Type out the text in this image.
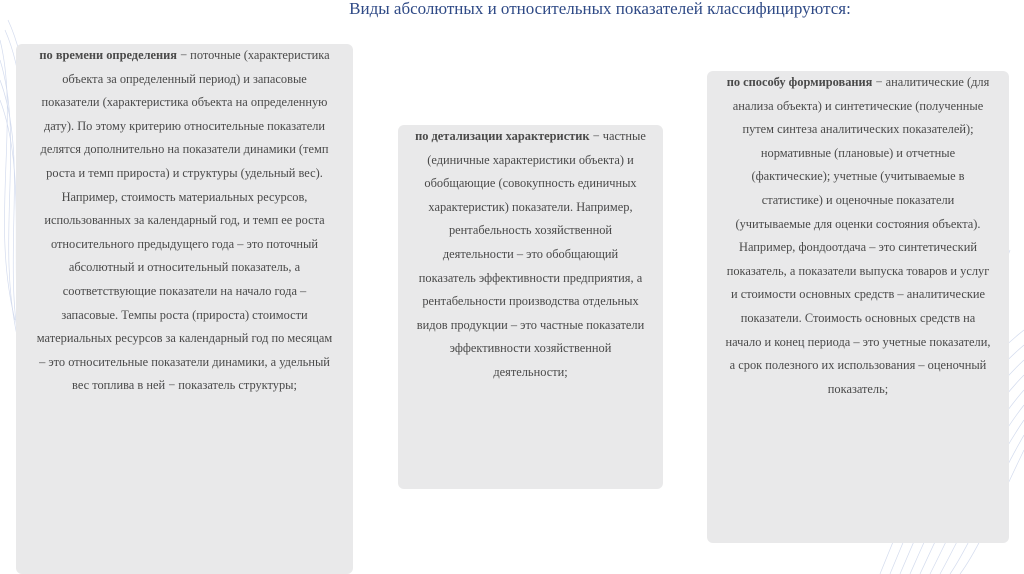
Виды абсолютных и относительных показателей классифицируются:

по времени определения − поточные (характеристика объекта за определенный период) и запасовые показатели (характеристика объекта на определенную дату). По этому критерию относительные показатели делятся дополнительно на показатели динамики (темп роста и темп прироста) и структуры (удельный вес). Например, стоимость материальных ресурсов, использованных за календарный год, и темп ее роста относительного предыдущего года – это поточный абсолютный и относительный показатель, а соответствующие показатели на начало года – запасовые. Темпы роста (прироста) стоимости материальных ресурсов за календарный год по месяцам – это относительные показатели динамики, а удельный вес топлива в ней − показатель структуры;

по детализации характеристик − частные (единичные характеристики объекта) и обобщающие (совокупность единичных характеристик) показатели. Например, рентабельность хозяйственной деятельности – это обобщающий показатель эффективности предприятия, а рентабельности производства отдельных видов продукции – это частные показатели эффективности хозяйственной деятельности;

по способу формирования − аналитические (для анализа объекта) и синтетические (полученные путем синтеза аналитических показателей); нормативные (плановые) и отчетные (фактические); учетные (учитываемые в статистике) и оценочные показатели (учитываемые для оценки состояния объекта). Например, фондоотдача – это синтетический показатель, а показатели выпуска товаров и услуг и стоимости основных средств – аналитические показатели. Стоимость основных средств на начало и конец периода – это учетные показатели, а срок полезного их использования – оценочный показатель;
